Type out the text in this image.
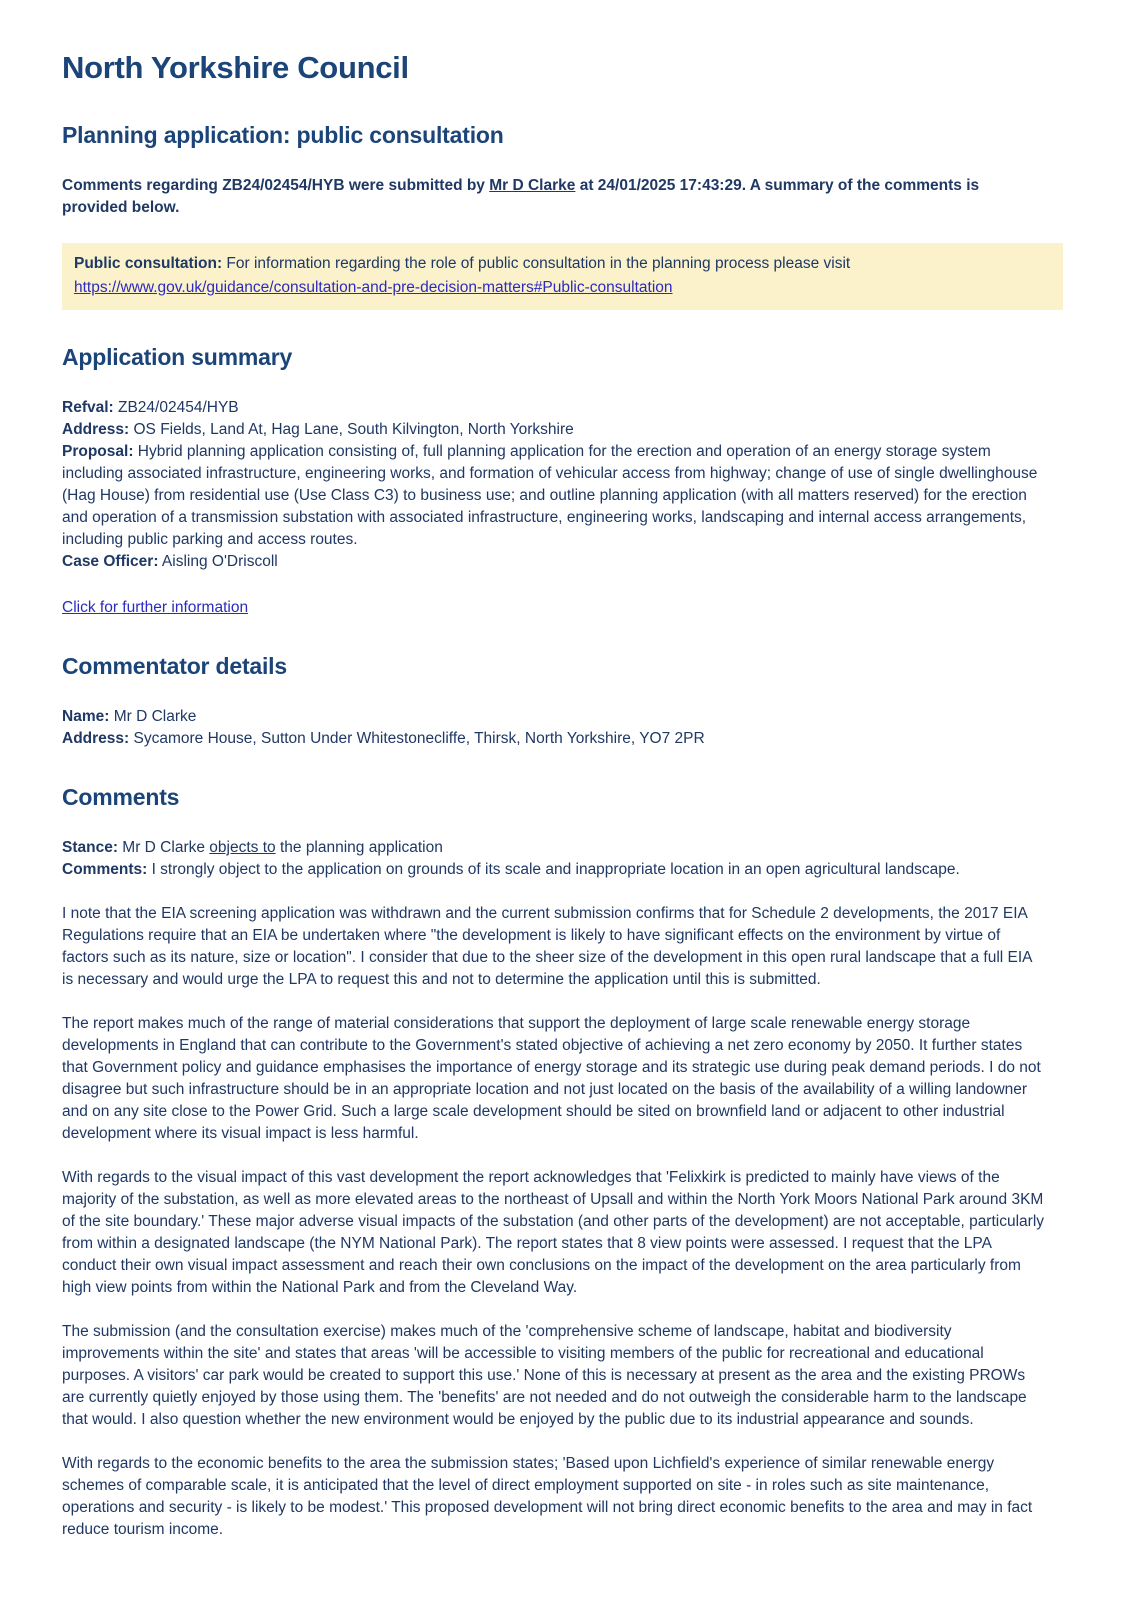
North Yorkshire Council
Planning application: public consultation

Comments regarding ZB24/02454/HYB were submitted by Mr D Clarke at 24/01/2025 17:43:29. A summary of the comments is provided below.

Public consultation: For information regarding the role of public consultation in the planning process please visit https://www.gov.uk/guidance/consultation-and-pre-decision-matters#Public-consultation
Application summary
Refval: ZB24/02454/HYB
Address: OS Fields, Land At, Hag Lane, South Kilvington, North Yorkshire
Proposal: Hybrid planning application consisting of, full planning application for the erection and operation of an energy storage system including associated infrastructure, engineering works, and formation of vehicular access from highway; change of use of single dwellinghouse (Hag House) from residential use (Use Class C3) to business use; and outline planning application (with all matters reserved) for the erection and operation of a transmission substation with associated infrastructure, engineering works, landscaping and internal access arrangements, including public parking and access routes.
Case Officer: Aisling O'Driscoll
Click for further information
Commentator details
Name: Mr D Clarke
Address: Sycamore House, Sutton Under Whitestonecliffe, Thirsk, North Yorkshire, YO7 2PR
Comments

Stance: Mr D Clarke objects to the planning application

Comments: I strongly object to the application on grounds of its scale and inappropriate location in an open agricultural landscape.

I note that the EIA screening application was withdrawn and the current submission confirms that for Schedule 2 developments, the 2017 EIA Regulations require that an EIA be undertaken where "the development is likely to have significant effects on the environment by virtue of factors such as its nature, size or location". I consider that due to the sheer size of the development in this open rural landscape that a full EIA is necessary and would urge the LPA to request this and not to determine the application until this is submitted.

The report makes much of the range of material considerations that support the deployment of large scale renewable energy storage developments in England that can contribute to the Government's stated objective of achieving a net zero economy by 2050. It further states that Government policy and guidance emphasises the importance of energy storage and its strategic use during peak demand periods. I do not disagree but such infrastructure should be in an appropriate location and not just located on the basis of the availability of a willing landowner and on any site close to the Power Grid. Such a large scale development should be sited on brownfield land or adjacent to other industrial development where its visual impact is less harmful.

With regards to the visual impact of this vast development the report acknowledges that 'Felixkirk is predicted to mainly have views of the majority of the substation, as well as more elevated areas to the northeast of Upsall and within the North York Moors National Park around 3KM of the site boundary.' These major adverse visual impacts of the substation (and other parts of the development) are not acceptable, particularly from within a designated landscape (the NYM National Park). The report states that 8 view points were assessed. I request that the LPA conduct their own visual impact assessment and reach their own conclusions on the impact of the development on the area particularly from high view points from within the National Park and from the Cleveland Way.

The submission (and the consultation exercise) makes much of the 'comprehensive scheme of landscape, habitat and biodiversity improvements within the site' and states that areas 'will be accessible to visiting members of the public for recreational and educational purposes. A visitors' car park would be created to support this use.' None of this is necessary at present as the area and the existing PROWs are currently quietly enjoyed by those using them. The 'benefits' are not needed and do not outweigh the considerable harm to the landscape that would. I also question whether the new environment would be enjoyed by the public due to its industrial appearance and sounds.

With regards to the economic benefits to the area the submission states; 'Based upon Lichfield's experience of similar renewable energy schemes of comparable scale, it is anticipated that the level of direct employment supported on site - in roles such as site maintenance, operations and security - is likely to be modest.' This proposed development will not bring direct economic benefits to the area and may in fact reduce tourism income.
